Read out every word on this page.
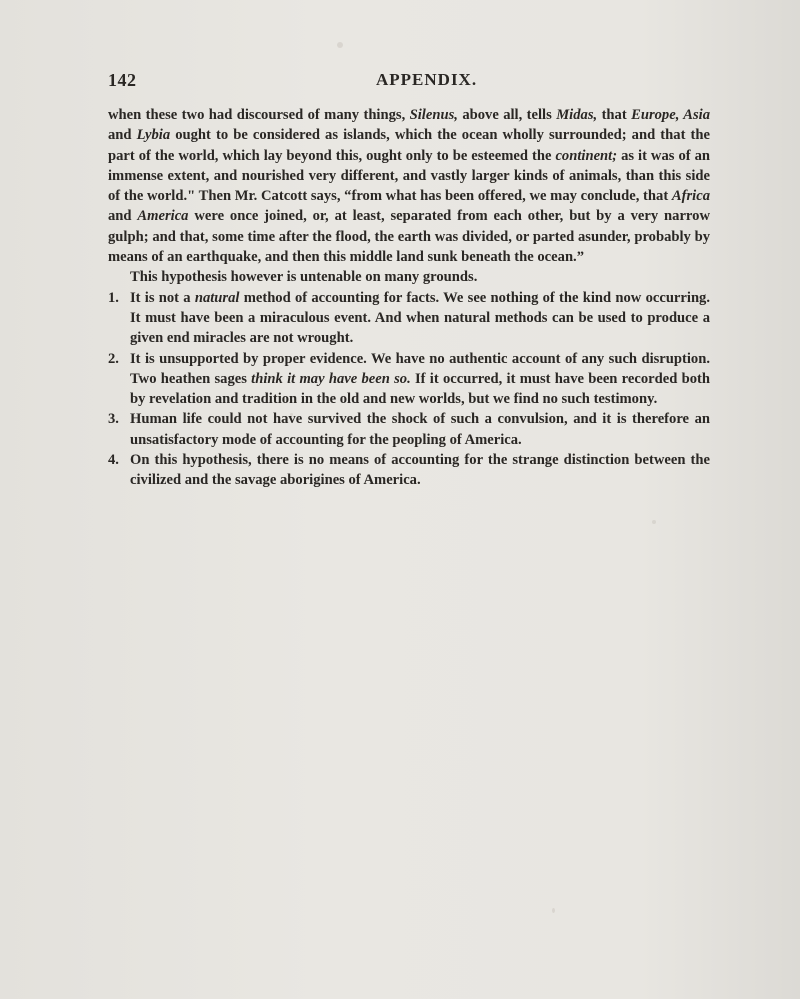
142	APPENDIX.

when these two had discoursed of many things, Silenus, above all, tells Midas, that Europe, Asia and Lybia ought to be considered as islands, which the ocean wholly surrounded; and that the part of the world, which lay beyond this, ought only to be esteemed the continent; as it was of an immense extent, and nourished very different, and vastly larger kinds of animals, than this side of the world." Then Mr. Catcott says, “from what has been offered, we may conclude, that Africa and America were once joined, or, at least, separated from each other, but by a very narrow gulph; and that, some time after the flood, the earth was divided, or parted asunder, probably by means of an earthquake, and then this middle land sunk beneath the ocean.”

This hypothesis however is untenable on many grounds.

1. It is not a natural method of accounting for facts. We see nothing of the kind now occurring. It must have been a miraculous event. And when natural methods can be used to produce a given end miracles are not wrought.

2. It is unsupported by proper evidence. We have no authentic account of any such disruption. Two heathen sages think it may have been so. If it occurred, it must have been recorded both by revelation and tradition in the old and new worlds, but we find no such testimony.

3. Human life could not have survived the shock of such a convulsion, and it is therefore an unsatisfactory mode of accounting for the peopling of America.

4. On this hypothesis, there is no means of accounting for the strange distinction between the civilized and the savage aborigines of America.
